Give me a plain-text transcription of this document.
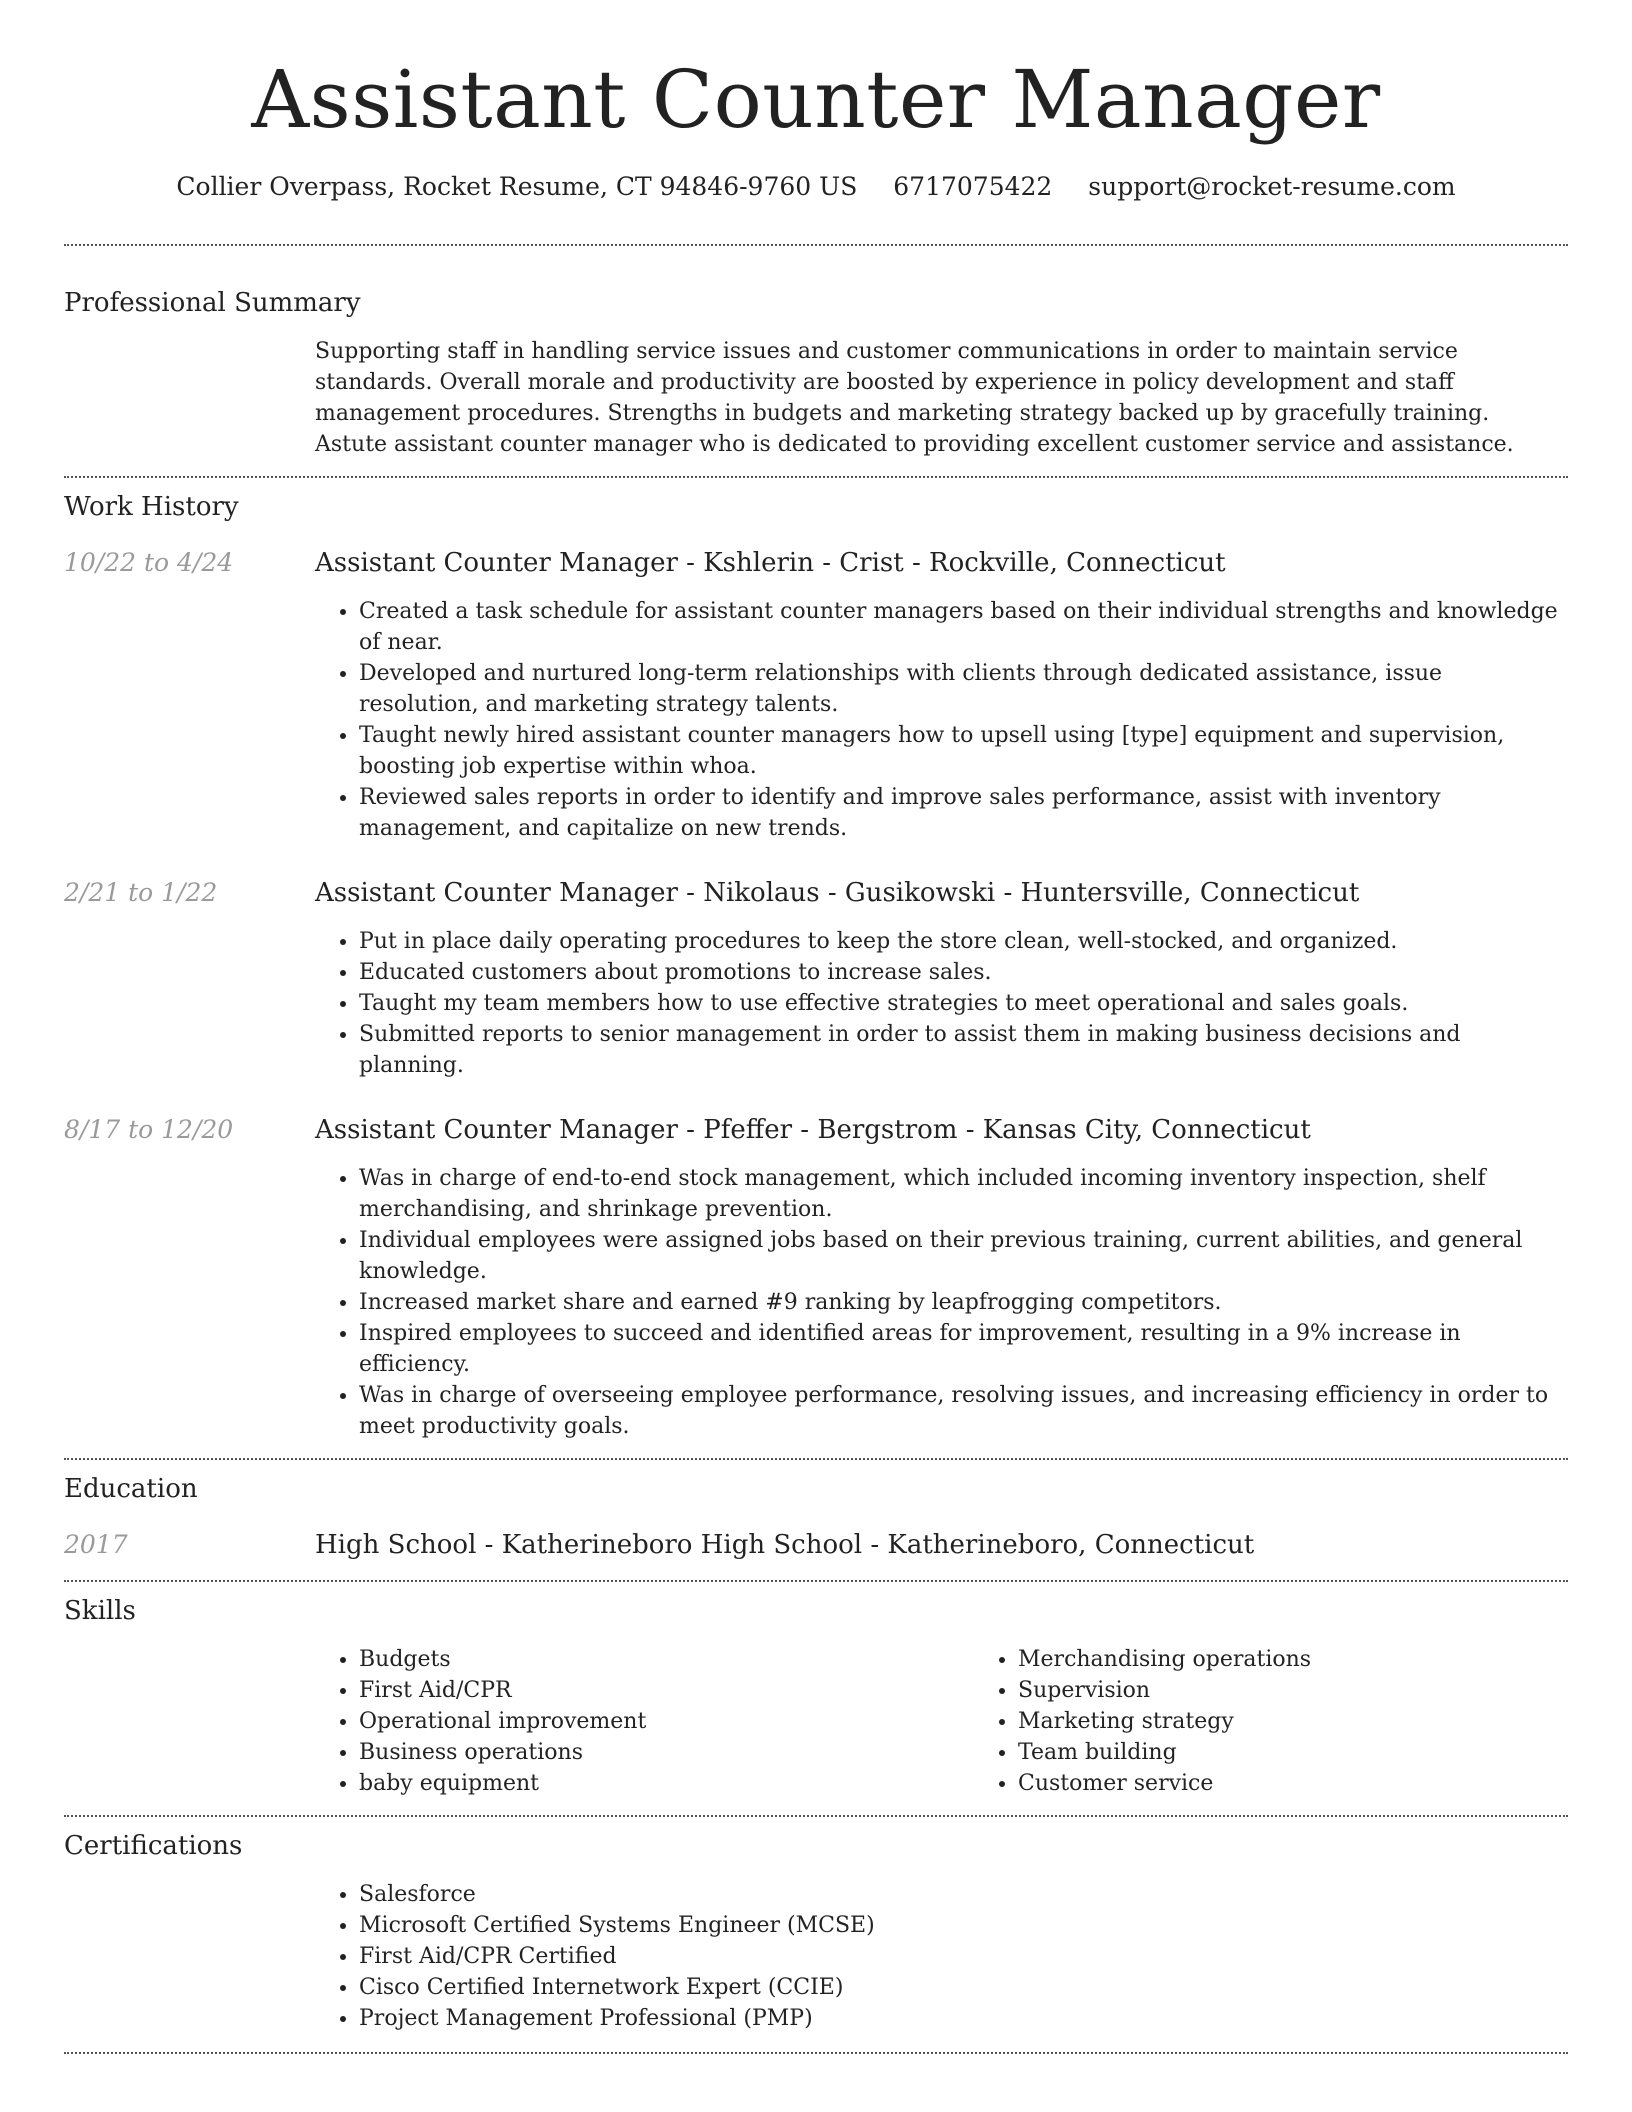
Assistant Counter Manager
Collier Overpass, Rocket Resume, CT 94846-9760 US 6717075422 support@rocket-resume.com
Professional Summary
Supporting staff in handling service issues and customer communications in order to maintain service standards. Overall morale and productivity are boosted by experience in policy development and staff management procedures. Strengths in budgets and marketing strategy backed up by gracefully training. Astute assistant counter manager who is dedicated to providing excellent customer service and assistance.
Work History
10/22 to 4/24	Assistant Counter Manager - Kshlerin - Crist - Rockville, Connecticut
• Created a task schedule for assistant counter managers based on their individual strengths and knowledge of near.
• Developed and nurtured long-term relationships with clients through dedicated assistance, issue resolution, and marketing strategy talents.
• Taught newly hired assistant counter managers how to upsell using [type] equipment and supervision, boosting job expertise within whoa.
• Reviewed sales reports in order to identify and improve sales performance, assist with inventory management, and capitalize on new trends.
2/21 to 1/22	Assistant Counter Manager - Nikolaus - Gusikowski - Huntersville, Connecticut
• Put in place daily operating procedures to keep the store clean, well-stocked, and organized.
• Educated customers about promotions to increase sales.
• Taught my team members how to use effective strategies to meet operational and sales goals.
• Submitted reports to senior management in order to assist them in making business decisions and planning.
8/17 to 12/20	Assistant Counter Manager - Pfeffer - Bergstrom - Kansas City, Connecticut
• Was in charge of end-to-end stock management, which included incoming inventory inspection, shelf merchandising, and shrinkage prevention.
• Individual employees were assigned jobs based on their previous training, current abilities, and general knowledge.
• Increased market share and earned #9 ranking by leapfrogging competitors.
• Inspired employees to succeed and identified areas for improvement, resulting in a 9% increase in efficiency.
• Was in charge of overseeing employee performance, resolving issues, and increasing efficiency in order to meet productivity goals.
Education
2017	High School - Katherineboro High School - Katherineboro, Connecticut
Skills
• Budgets
• First Aid/CPR
• Operational improvement
• Business operations
• baby equipment
• Merchandising operations
• Supervision
• Marketing strategy
• Team building
• Customer service
Certifications
• Salesforce
• Microsoft Certified Systems Engineer (MCSE)
• First Aid/CPR Certified
• Cisco Certified Internetwork Expert (CCIE)
• Project Management Professional (PMP)
